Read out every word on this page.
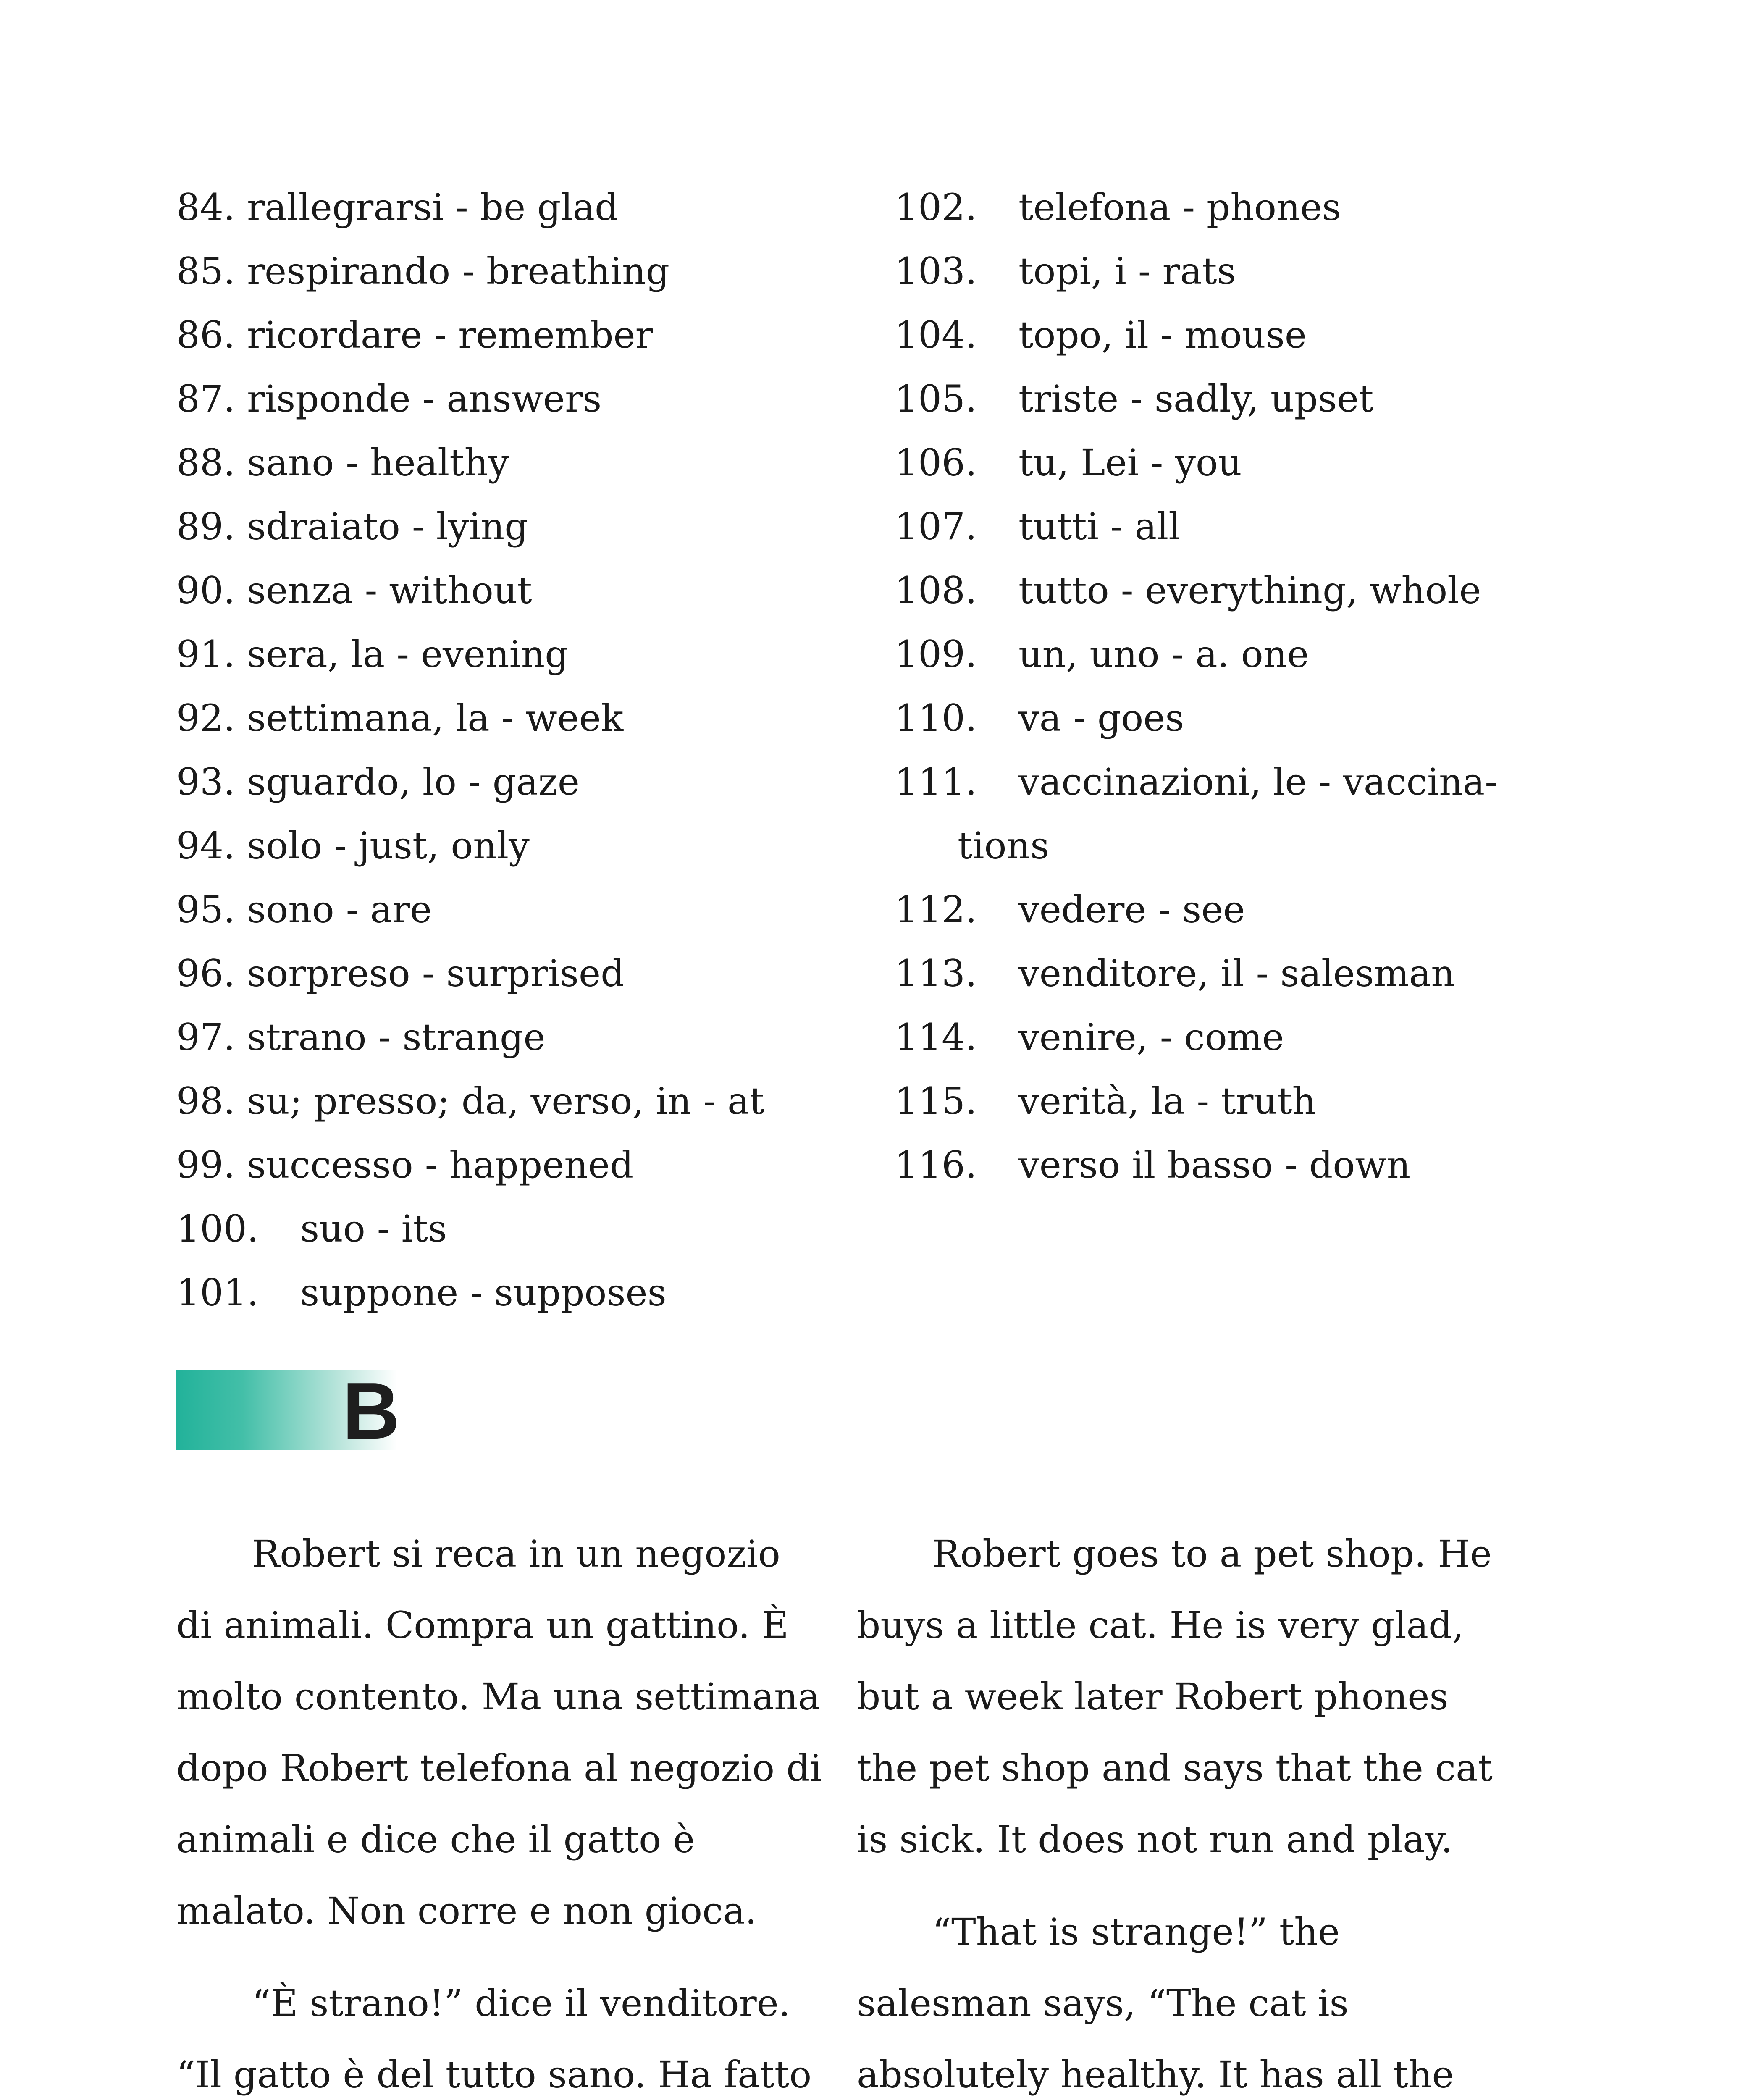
84. rallegrarsi - be glad
85. respirando - breathing
86. ricordare - remember
87. risponde - answers
88. sano - healthy
89. sdraiato - lying
90. senza - without
91. sera, la - evening
92. settimana, la - week
93. sguardo, lo - gaze
94. solo - just, only
95. sono - are
96. sorpreso - surprised
97. strano - strange
98. su; presso; da, verso, in - at
99. successo - happened
100. suo - its
101. suppone - supposes
102. telefona - phones
103. topi, i - rats
104. topo, il - mouse
105. triste - sadly, upset
106. tu, Lei - you
107. tutti - all
108. tutto - everything, whole
109. un, uno - a. one
110. va - goes
111. vaccinazioni, le - vaccina-
tions
112. vedere - see
113. venditore, il - salesman
114. venire, - come
115. verità, la - truth
116. verso il basso - down
B

Robert si reca in un negozio di animali. Compra un gattino. È molto contento. Ma una settimana dopo Robert telefona al negozio di animali e dice che il gatto è malato. Non corre e non gioca.

“È strano!” dice il venditore. “Il gatto è del tutto sano. Ha fatto

Robert goes to a pet shop. He buys a little cat. He is very glad, but a week later Robert phones the pet shop and says that the cat is sick. It does not run and play.

“That is strange!” the salesman says, “The cat is absolutely healthy. It has all the
